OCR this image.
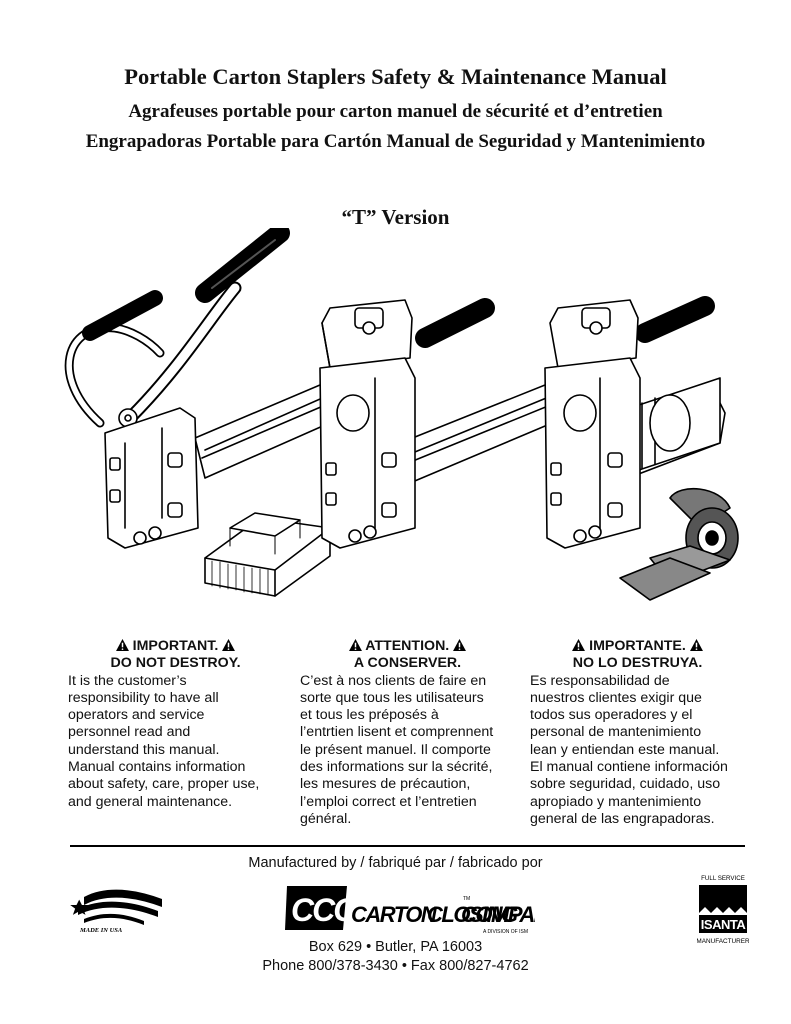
Portable Carton Staplers Safety & Maintenance Manual
Agrafeuses portable pour carton manuel de sécurité et d’entretien
Engrapadoras Portable para Cartón Manual de Seguridad y Mantenimiento
“T” Version
IMPORTANT.
DO NOT DESTROY.
It is the customer’s
responsibility to have all
operators and service
personnel read and
understand this manual.
Manual contains information
about safety, care, proper use,
and general maintenance.
ATTENTION.
A CONSERVER.
C’est à nos clients de faire en
sorte que tous les utilisateurs
et tous les préposés à
l’entrtien lisent et comprennent
le présent manuel. Il comporte
des informations sur la sécrité,
les mesures de précaution,
l’emploi correct et l’entretien
général.
IMPORTANTE.
NO LO DESTRUYA.
Es responsabilidad de
nuestros clientes exigir que
todos sus operadores y el
personal de mantenimiento
lean y entiendan este manual.
El manual contiene información
sobre seguridad, cuidado, uso
apropiado y mantenimiento
general de las engrapadoras.
Manufactured by / fabriqué par / fabricado por
MADE IN USA
CCC
CARTON
CLOSING
TM
COMPA
A DIVISION OF ISM
FULL SERVICE
ISANTA
MANUFACTURER
Box 629 • Butler, PA 16003
Phone 800/378-3430 • Fax 800/827-4762
